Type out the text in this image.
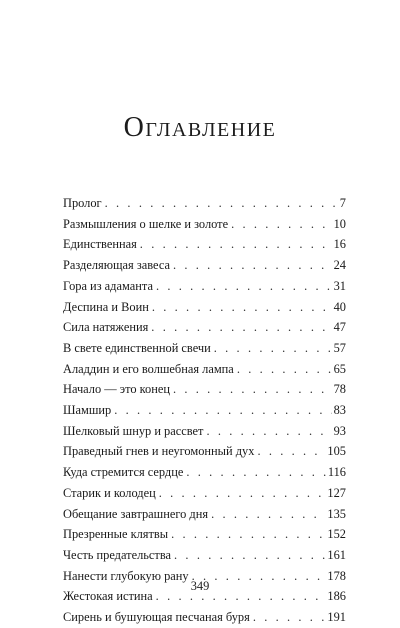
Оглавление
Пролог . . .	7
Размышления о шелке и золоте . . .	10
Единственная . . .	16
Разделяющая завеса . . .	24
Гора из адаманта . . .	31
Деспина и Воин . . .	40
Сила натяжения . . .	47
В свете единственной свечи . . .	57
Аладдин и его волшебная лампа . . .	65
Начало — это конец . . .	78
Шамшир . . .	83
Шелковый шнур и рассвет . . .	93
Праведный гнев и неугомонный дух . . .	105
Куда стремится сердце . . .	116
Старик и колодец . . .	127
Обещание завтрашнего дня . . .	135
Презренные клятвы . . .	152
Честь предательства . . .	161
Нанести глубокую рану . . .	178
Жестокая истина . . .	186
Сирень и бушующая песчаная буря . . .	191
349
